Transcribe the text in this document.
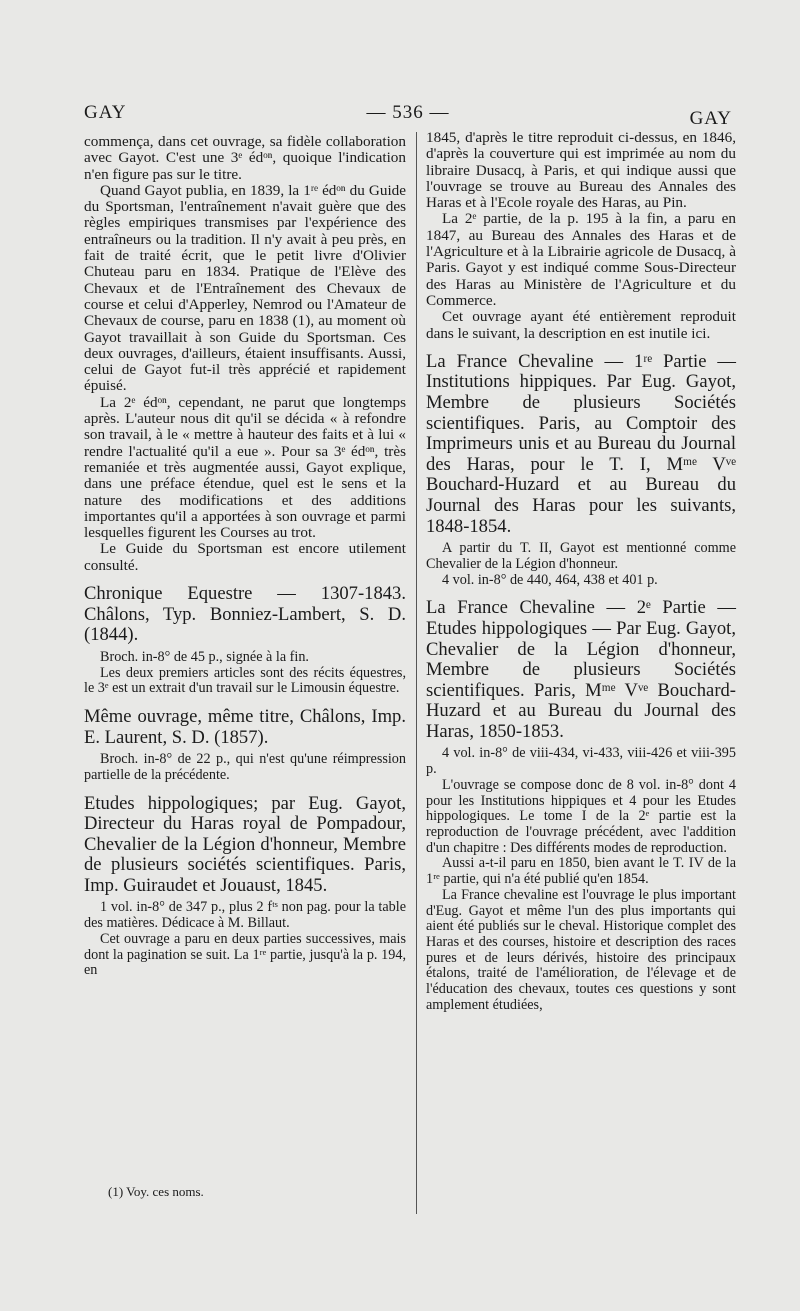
GAY	— 536 —	GAY

commença, dans cet ouvrage, sa fidèle collaboration avec Gayot. C'est une 3ᵉ édᵒⁿ, quoique l'indication n'en figure pas sur le titre.

Quand Gayot publia, en 1839, la 1ʳᵉ édᵒⁿ du Guide du Sportsman, l'entraînement n'avait guère que des règles empiriques transmises par l'expérience des entraîneurs ou la tradition. Il n'y avait à peu près, en fait de traité écrit, que le petit livre d'Olivier Chuteau paru en 1834. Pratique de l'Elève des Chevaux et de l'Entraînement des Chevaux de course et celui d'Apperley, Nemrod ou l'Amateur de Chevaux de course, paru en 1838 (1), au moment où Gayot travaillait à son Guide du Sportsman. Ces deux ouvrages, d'ailleurs, étaient insuffisants. Aussi, celui de Gayot fut-il très apprécié et rapidement épuisé.

La 2ᵉ édᵒⁿ, cependant, ne parut que longtemps après. L'auteur nous dit qu'il se décida « à refondre son travail, à le « mettre à hauteur des faits et à lui « rendre l'actualité qu'il a eue ». Pour sa 3ᵉ édᵒⁿ, très remaniée et très augmentée aussi, Gayot explique, dans une préface étendue, quel est le sens et la nature des modifications et des additions importantes qu'il a apportées à son ouvrage et parmi lesquelles figurent les Courses au trot.

Le Guide du Sportsman est encore utilement consulté.

Chronique Equestre — 1307-1843. Châlons, Typ. Bonniez-Lambert, S. D. (1844).

Broch. in-8° de 45 p., signée à la fin.

Les deux premiers articles sont des récits équestres, le 3ᵉ est un extrait d'un travail sur le Limousin équestre.

Même ouvrage, même titre, Châlons, Imp. E. Laurent, S. D. (1857).

Broch. in-8° de 22 p., qui n'est qu'une réimpression partielle de la précédente.

Etudes hippologiques; par Eug. Gayot, Directeur du Haras royal de Pompadour, Chevalier de la Légion d'honneur, Membre de plusieurs sociétés scientifiques. Paris, Imp. Guiraudet et Jouaust, 1845.

1 vol. in-8° de 347 p., plus 2 fᵗˢ non pag. pour la table des matières. Dédicace à M. Billaut.

Cet ouvrage a paru en deux parties successives, mais dont la pagination se suit. La 1ʳᵉ partie, jusqu'à la p. 194, en

(1) Voy. ces noms.

1845, d'après le titre reproduit ci-dessus, en 1846, d'après la couverture qui est imprimée au nom du libraire Dusacq, à Paris, et qui indique aussi que l'ouvrage se trouve au Bureau des Annales des Haras et à l'Ecole royale des Haras, au Pin.

La 2ᵉ partie, de la p. 195 à la fin, a paru en 1847, au Bureau des Annales des Haras et de l'Agriculture et à la Librairie agricole de Dusacq, à Paris. Gayot y est indiqué comme Sous-Directeur des Haras au Ministère de l'Agriculture et du Commerce.

Cet ouvrage ayant été entièrement reproduit dans le suivant, la description en est inutile ici.

La France Chevaline — 1ʳᵉ Partie — Institutions hippiques. Par Eug. Gayot, Membre de plusieurs Sociétés scientifiques. Paris, au Comptoir des Imprimeurs unis et au Bureau du Journal des Haras, pour le T. I, Mᵐᵉ Vᵛᵉ Bouchard-Huzard et au Bureau du Journal des Haras pour les suivants, 1848-1854.

A partir du T. II, Gayot est mentionné comme Chevalier de la Légion d'honneur.

4 vol. in-8° de 440, 464, 438 et 401 p.

La France Chevaline — 2ᵉ Partie — Etudes hippologiques — Par Eug. Gayot, Chevalier de la Légion d'honneur, Membre de plusieurs Sociétés scientifiques. Paris, Mᵐᵉ Vᵛᵉ Bouchard-Huzard et au Bureau du Journal des Haras, 1850-1853.

4 vol. in-8° de viii-434, vi-433, viii-426 et viii-395 p.

L'ouvrage se compose donc de 8 vol. in-8° dont 4 pour les Institutions hippiques et 4 pour les Etudes hippologiques. Le tome I de la 2ᵉ partie est la reproduction de l'ouvrage précédent, avec l'addition d'un chapitre : Des différents modes de reproduction.

Aussi a-t-il paru en 1850, bien avant le T. IV de la 1ʳᵉ partie, qui n'a été publié qu'en 1854.

La France chevaline est l'ouvrage le plus important d'Eug. Gayot et même l'un des plus importants qui aient été publiés sur le cheval. Historique complet des Haras et des courses, histoire et description des races pures et de leurs dérivés, histoire des principaux étalons, traité de l'amélioration, de l'élevage et de l'éducation des chevaux, toutes ces questions y sont amplement étudiées,
